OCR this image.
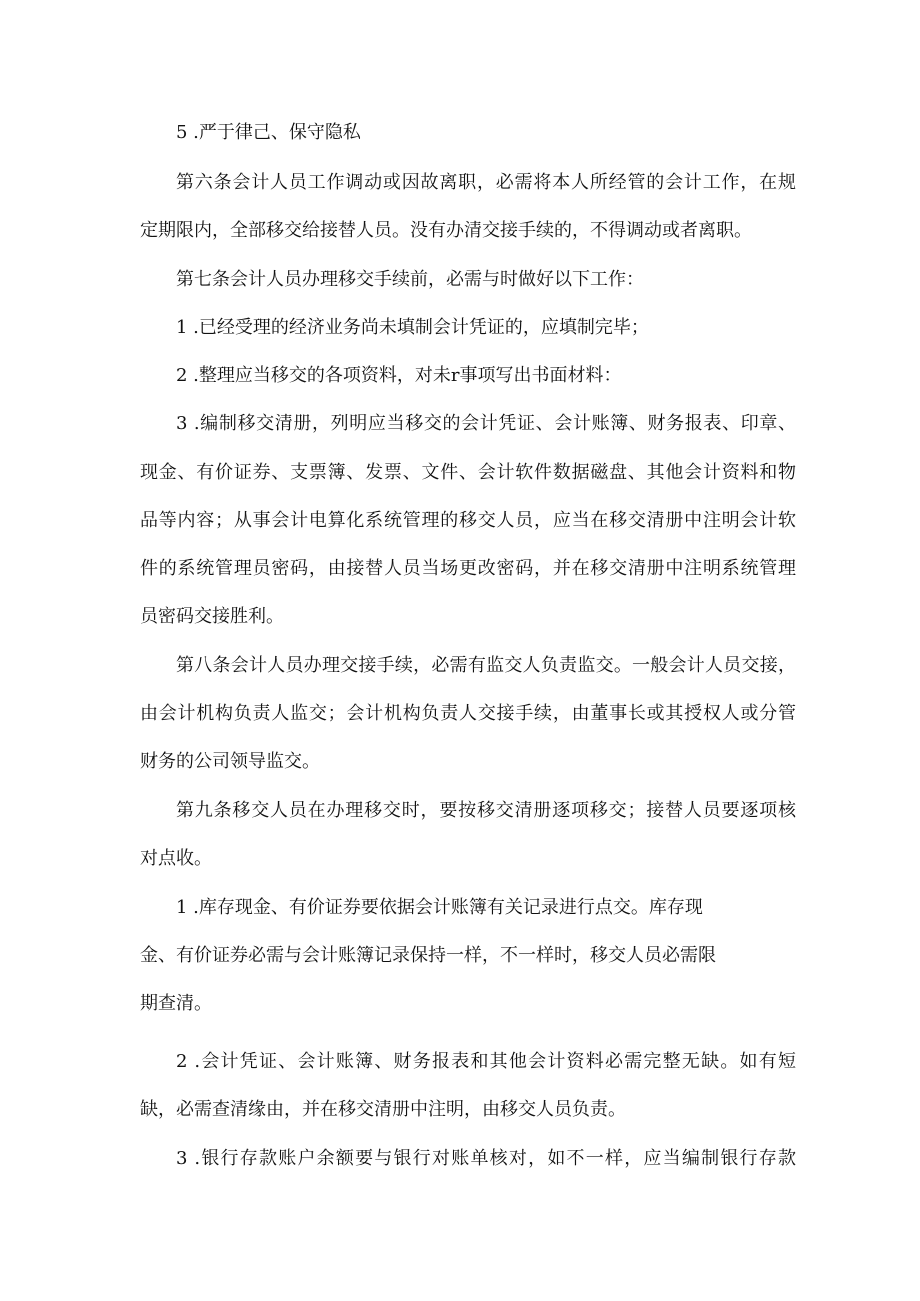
5 .严于律己、保守隐私
第六条会计人员工作调动或因故离职，必需将本人所经管的会计工作，在规
定期限内，全部移交给接替人员。没有办清交接手续的，不得调动或者离职。
第七条会计人员办理移交手续前，必需与时做好以下工作：
1 .已经受理的经济业务尚未填制会计凭证的，应填制完毕；
2 .整理应当移交的各项资料，对未r事项写出书面材料：
3 .编制移交清册，列明应当移交的会计凭证、会计账簿、财务报表、印章、
现金、有价证券、支票簿、发票、文件、会计软件数据磁盘、其他会计资料和物
品等内容；从事会计电算化系统管理的移交人员，应当在移交清册中注明会计软
件的系统管理员密码，由接替人员当场更改密码，并在移交清册中注明系统管理
员密码交接胜利。
第八条会计人员办理交接手续，必需有监交人负责监交。一般会计人员交接，
由会计机构负责人监交；会计机构负责人交接手续，由董事长或其授权人或分管
财务的公司领导监交。
第九条移交人员在办理移交时，要按移交清册逐项移交；接替人员要逐项核
对点收。
1 .库存现金、有价证券要依据会计账簿有关记录进行点交。库存现
金、有价证券必需与会计账簿记录保持一样，不一样时，移交人员必需限
期查清。
2 .会计凭证、会计账簿、财务报表和其他会计资料必需完整无缺。如有短
缺，必需查清缘由，并在移交清册中注明，由移交人员负责。
3 .银行存款账户余额要与银行对账单核对，如不一样，应当编制银行存款
